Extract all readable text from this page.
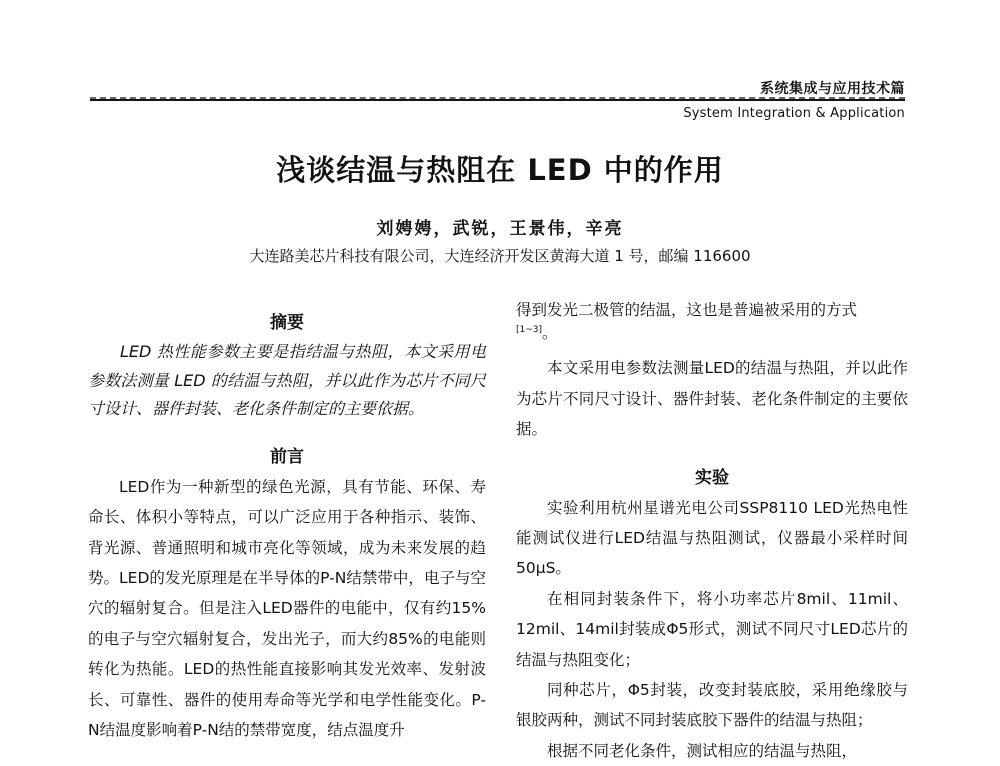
系统集成与应用技术篇
System Integration & Application
浅谈结温与热阻在 LED 中的作用
刘娉娉，武锐，王景伟，辛亮
大连路美芯片科技有限公司，大连经济开发区黄海大道 1 号，邮编 116600
摘要

LED 热性能参数主要是指结温与热阻，本文采用电参数法测量 LED 的结温与热阻，并以此作为芯片不同尺寸设计、器件封装、老化条件制定的主要依据。

前言

LED作为一种新型的绿色光源，具有节能、环保、寿命长、体积小等特点，可以广泛应用于各种指示、装饰、背光源、普通照明和城市亮化等领域，成为未来发展的趋势。LED的发光原理是在半导体的P-N结禁带中，电子与空穴的辐射复合。但是注入LED器件的电能中，仅有约15%的电子与空穴辐射复合，发出光子，而大约85%的电能则转化为热能。LED的热性能直接影响其发光效率、发射波长、可靠性、器件的使用寿命等光学和电学性能变化。P-N结温度影响着P-N结的禁带宽度，结点温度升

得到发光二极管的结温，这也是普遍被采用的方式

[1~3]。

本文采用电参数法测量LED的结温与热阻，并以此作为芯片不同尺寸设计、器件封装、老化条件制定的主要依据。

实验

实验利用杭州星谱光电公司SSP8110 LED光热电性能测试仪进行LED结温与热阻测试，仪器最小采样时间50μS。

在相同封装条件下，将小功率芯片8mil、11mil、12mil、14mil封装成Φ5形式，测试不同尺寸LED芯片的结温与热阻变化；

同种芯片，Φ5封装，改变封装底胶，采用绝缘胶与银胶两种，测试不同封装底胶下器件的结温与热阻；

根据不同老化条件，测试相应的结温与热阻，
